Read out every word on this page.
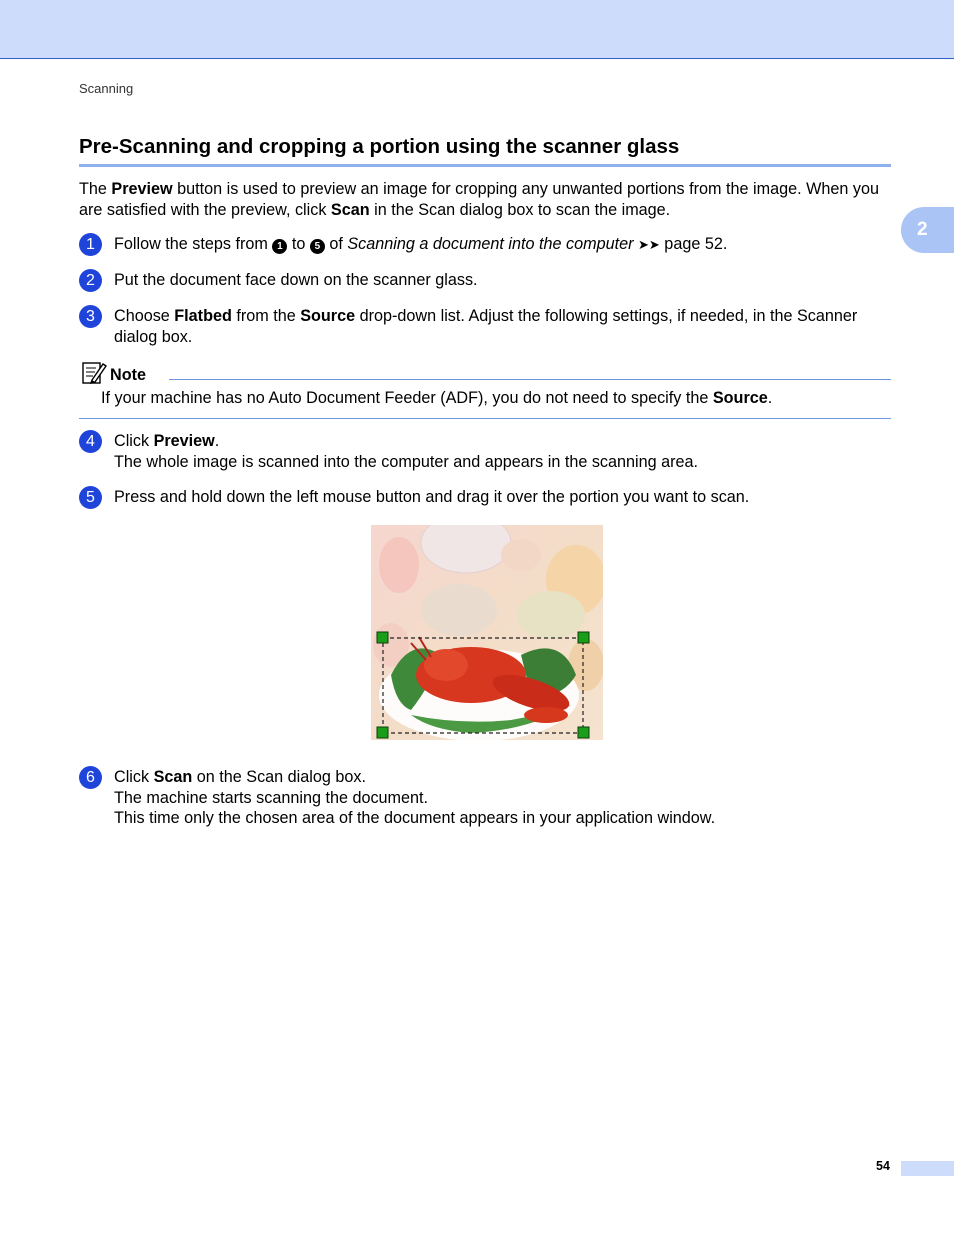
Scanning
2
Pre-Scanning and cropping a portion using the scanner glass

The Preview button is used to preview an image for cropping any unwanted portions from the image. When you are satisfied with the preview, click Scan in the Scan dialog box to scan the image.

1	Follow the steps from 1 to 5 of Scanning a document into the computer ➤➤ page 52.
2	Put the document face down on the scanner glass.
3	Choose Flatbed from the Source drop-down list. Adjust the following settings, if needed, in the Scanner dialog box.
Note
If your machine has no Auto Document Feeder (ADF), you do not need to specify the Source.
4	Click Preview.
The whole image is scanned into the computer and appears in the scanning area.
5	Press and hold down the left mouse button and drag it over the portion you want to scan.
6	Click Scan on the Scan dialog box.
The machine starts scanning the document.
This time only the chosen area of the document appears in your application window.
54
